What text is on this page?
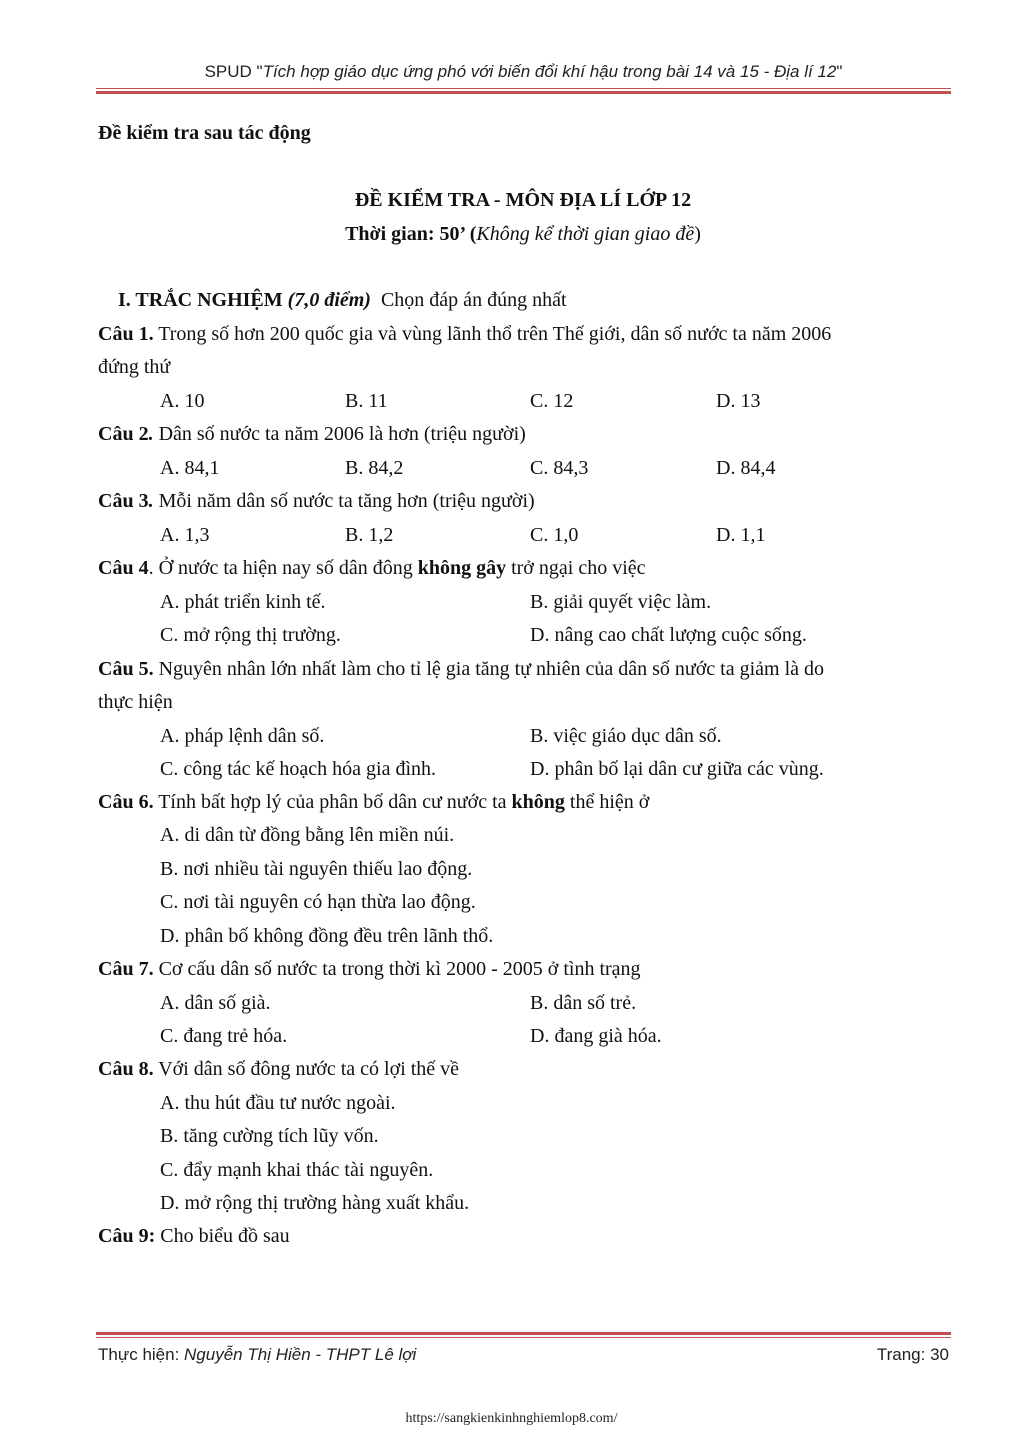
SPUD "Tích hợp giáo dục ứng phó với biến đổi khí hậu trong bài 14 và 15 - Địa lí 12"
Đề kiểm tra sau tác động
ĐỀ KIỂM TRA - MÔN ĐỊA LÍ LỚP 12
Thời gian: 50’ (Không kể thời gian giao đề)
I. TRẮC NGHIỆM (7,0 điểm) Chọn đáp án đúng nhất
Câu 1. Trong số hơn 200 quốc gia và vùng lãnh thổ trên Thế giới, dân số nước ta năm 2006
đứng thứ
A. 10	B. 11	C. 12	D. 13
Câu 2. Dân số nước ta năm 2006 là hơn (triệu người)
A. 84,1	B. 84,2	C. 84,3	D. 84,4
Câu 3. Mỗi năm dân số nước ta tăng hơn (triệu người)
A. 1,3	B. 1,2	C. 1,0	D. 1,1
Câu 4. Ở nước ta hiện nay số dân đông không gây trở ngại cho việc
A. phát triển kinh tế.	B. giải quyết việc làm.
C. mở rộng thị trường.	D. nâng cao chất lượng cuộc sống.
Câu 5. Nguyên nhân lớn nhất làm cho tỉ lệ gia tăng tự nhiên của dân số nước ta giảm là do
thực hiện
A. pháp lệnh dân số.	B. việc giáo dục dân số.
C. công tác kế hoạch hóa gia đình.	D. phân bố lại dân cư giữa các vùng.
Câu 6. Tính bất hợp lý của phân bố dân cư nước ta không thể hiện ở
A. di dân từ đồng bằng lên miền núi.
B. nơi nhiều tài nguyên thiếu lao động.
C. nơi tài nguyên có hạn thừa lao động.
D. phân bố không đồng đều trên lãnh thổ.
Câu 7. Cơ cấu dân số nước ta trong thời kì 2000 - 2005 ở tình trạng
A. dân số già.	B. dân số trẻ.
C. đang trẻ hóa.	D. đang già hóa.
Câu 8. Với dân số đông nước ta có lợi thế về
A. thu hút đầu tư nước ngoài.
B. tăng cường tích lũy vốn.
C. đẩy mạnh khai thác tài nguyên.
D. mở rộng thị trường hàng xuất khẩu.
Câu 9: Cho biểu đồ sau
Thực hiện: Nguyễn Thị Hiền - THPT Lê lợi	Trang: 30
https://sangkienkinhnghiemlop8.com/
